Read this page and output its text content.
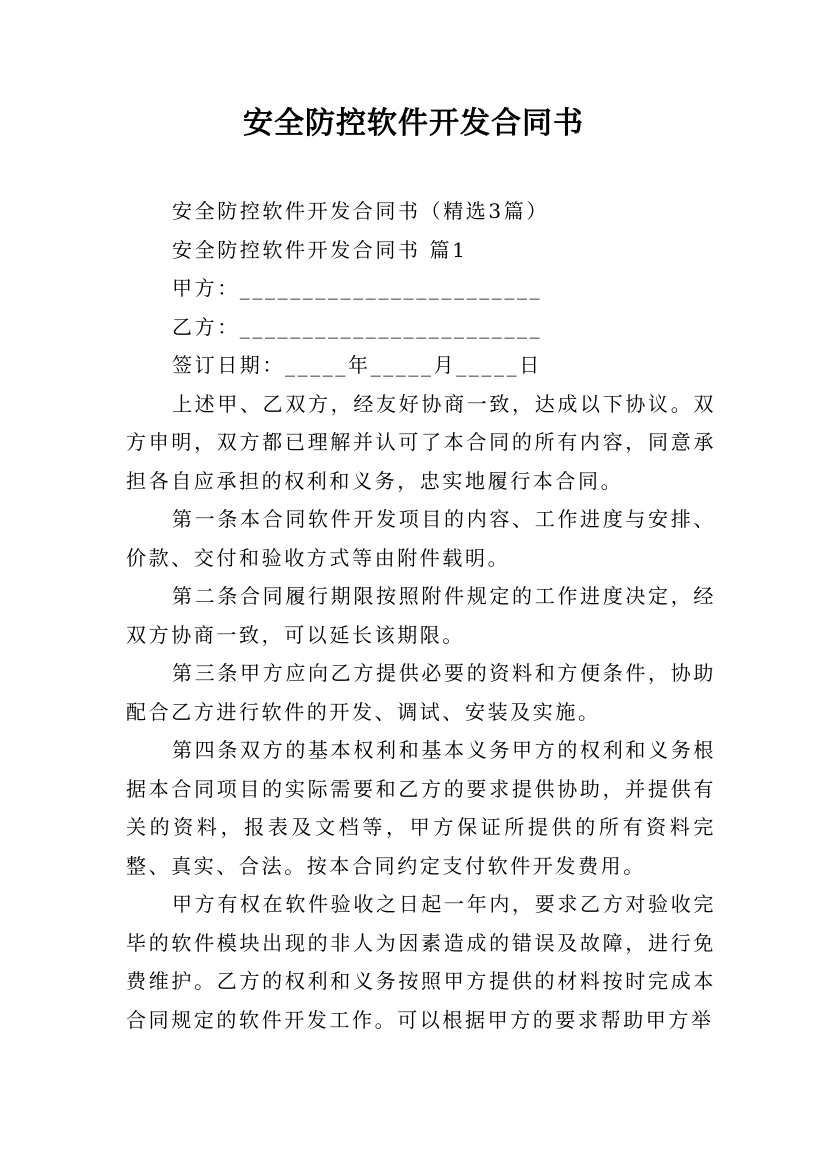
安全防控软件开发合同书

安全防控软件开发合同书（精选3篇）

安全防控软件开发合同书 篇1

甲方：________________________

乙方：________________________

签订日期：_____年_____月_____日

上述甲、乙双方，经友好协商一致，达成以下协议。双方申明，双方都已理解并认可了本合同的所有内容，同意承担各自应承担的权利和义务，忠实地履行本合同。

第一条本合同软件开发项目的内容、工作进度与安排、价款、交付和验收方式等由附件载明。

第二条合同履行期限按照附件规定的工作进度决定，经双方协商一致，可以延长该期限。

第三条甲方应向乙方提供必要的资料和方便条件，协助配合乙方进行软件的开发、调试、安装及实施。

第四条双方的基本权利和基本义务甲方的权利和义务根据本合同项目的实际需要和乙方的要求提供协助，并提供有关的资料，报表及文档等，甲方保证所提供的所有资料完整、真实、合法。按本合同约定支付软件开发费用。

甲方有权在软件验收之日起一年内，要求乙方对验收完毕的软件模块出现的非人为因素造成的错误及故障，进行免费维护。乙方的权利和义务按照甲方提供的材料按时完成本合同规定的软件开发工作。可以根据甲方的要求帮助甲方举
